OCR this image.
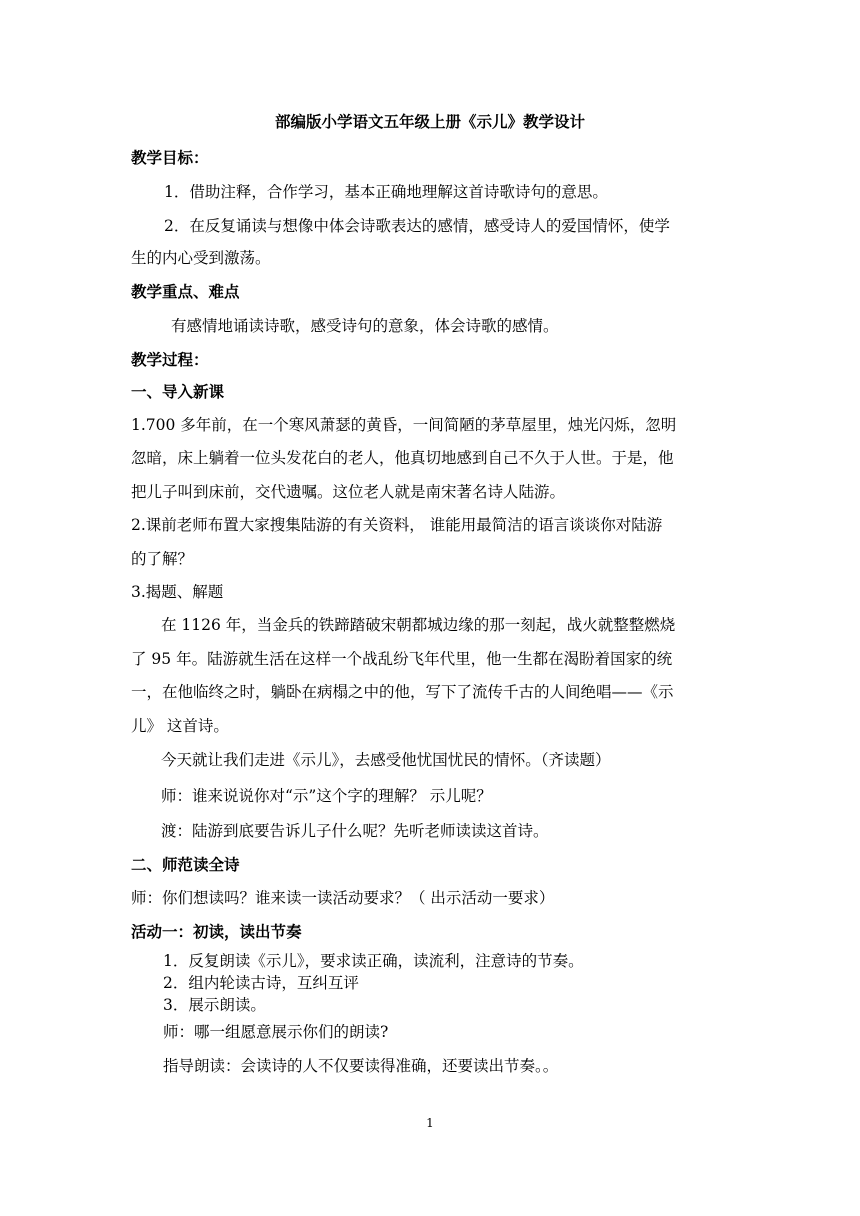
部编版小学语文五年级上册《示儿》教学设计

教学目标：

1．借助注释，合作学习，基本正确地理解这首诗歌诗句的意思。

2．在反复诵读与想像中体会诗歌表达的感情，感受诗人的爱国情怀，使学

生的内心受到激荡。

教学重点、难点

有感情地诵读诗歌，感受诗句的意象，体会诗歌的感情。

教学过程：

一、导入新课

1.700 多年前，在一个寒风萧瑟的黄昏，一间简陋的茅草屋里，烛光闪烁，忽明

忽暗，床上躺着一位头发花白的老人，他真切地感到自己不久于人世。于是，他

把儿子叫到床前，交代遗嘱。这位老人就是南宋著名诗人陆游。

2.课前老师布置大家搜集陆游的有关资料， 谁能用最简洁的语言谈谈你对陆游

的了解？

3.揭题、解题

在 1126 年，当金兵的铁蹄踏破宋朝都城边缘的那一刻起，战火就整整燃烧

了 95 年。陆游就生活在这样一个战乱纷飞年代里，他一生都在渴盼着国家的统

一，在他临终之时，躺卧在病榻之中的他，写下了流传千古的人间绝唱——《示

儿》 这首诗。

今天就让我们走进《示儿》，去感受他忧国忧民的情怀。（齐读题）

师：谁来说说你对“示”这个字的理解？ 示儿呢？

渡：陆游到底要告诉儿子什么呢？先听老师读读这首诗。

二、师范读全诗

师：你们想读吗？谁来读一读活动要求？（ 出示活动一要求）

活动一：初读，读出节奏

1．反复朗读《示儿》，要求读正确，读流利，注意诗的节奏。

2．组内轮读古诗，互纠互评

3．展示朗读。

师：哪一组愿意展示你们的朗读?

指导朗读：会读诗的人不仅要读得准确，还要读出节奏。。

1
